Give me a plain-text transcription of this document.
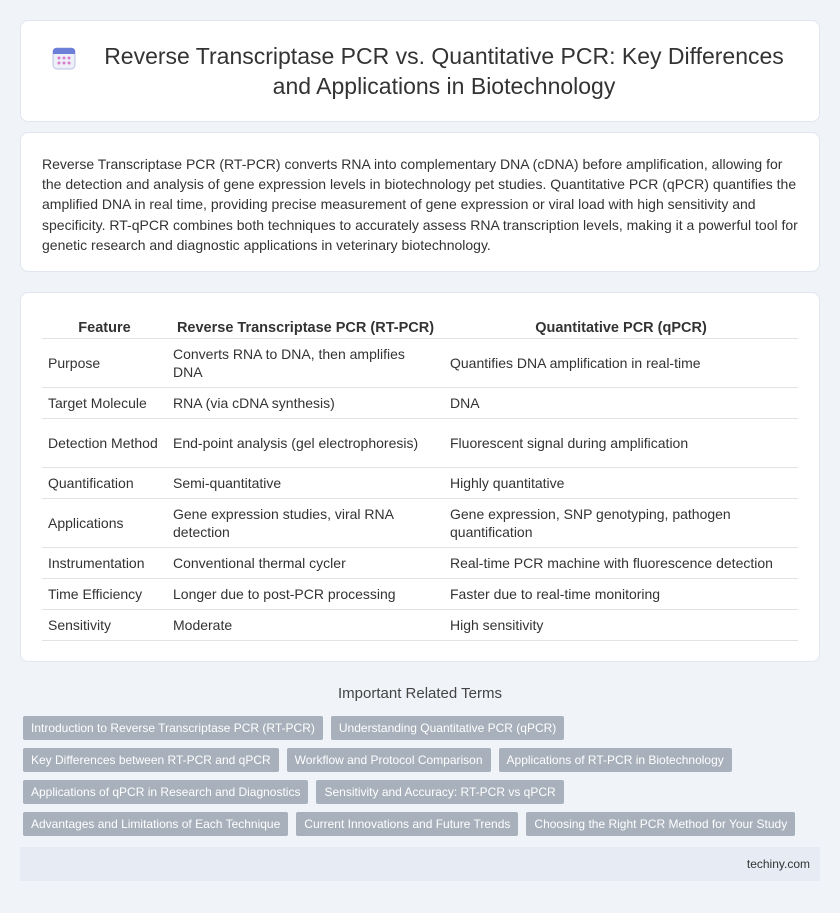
Reverse Transcriptase PCR vs. Quantitative PCR: Key Differences and Applications in Biotechnology

Reverse Transcriptase PCR (RT-PCR) converts RNA into complementary DNA (cDNA) before amplification, allowing for the detection and analysis of gene expression levels in biotechnology pet studies. Quantitative PCR (qPCR) quantifies the amplified DNA in real time, providing precise measurement of gene expression or viral load with high sensitivity and specificity. RT-qPCR combines both techniques to accurately assess RNA transcription levels, making it a powerful tool for genetic research and diagnostic applications in veterinary biotechnology.

Feature	Reverse Transcriptase PCR (RT-PCR)	Quantitative PCR (qPCR)
Purpose	Converts RNA to DNA, then amplifies DNA	Quantifies DNA amplification in real-time
Target Molecule	RNA (via cDNA synthesis)	DNA
Detection Method	End-point analysis (gel electrophoresis)	Fluorescent signal during amplification
Quantification	Semi-quantitative	Highly quantitative
Applications	Gene expression studies, viral RNA detection	Gene expression, SNP genotyping, pathogen quantification
Instrumentation	Conventional thermal cycler	Real-time PCR machine with fluorescence detection
Time Efficiency	Longer due to post-PCR processing	Faster due to real-time monitoring
Sensitivity	Moderate	High sensitivity
Important Related Terms
Introduction to Reverse Transcriptase PCR (RT-PCR)	Understanding Quantitative PCR (qPCR)
Key Differences between RT-PCR and qPCR	Workflow and Protocol Comparison	Applications of RT-PCR in Biotechnology
Applications of qPCR in Research and Diagnostics	Sensitivity and Accuracy: RT-PCR vs qPCR
Advantages and Limitations of Each Technique	Current Innovations and Future Trends	Choosing the Right PCR Method for Your Study
techiny.com
